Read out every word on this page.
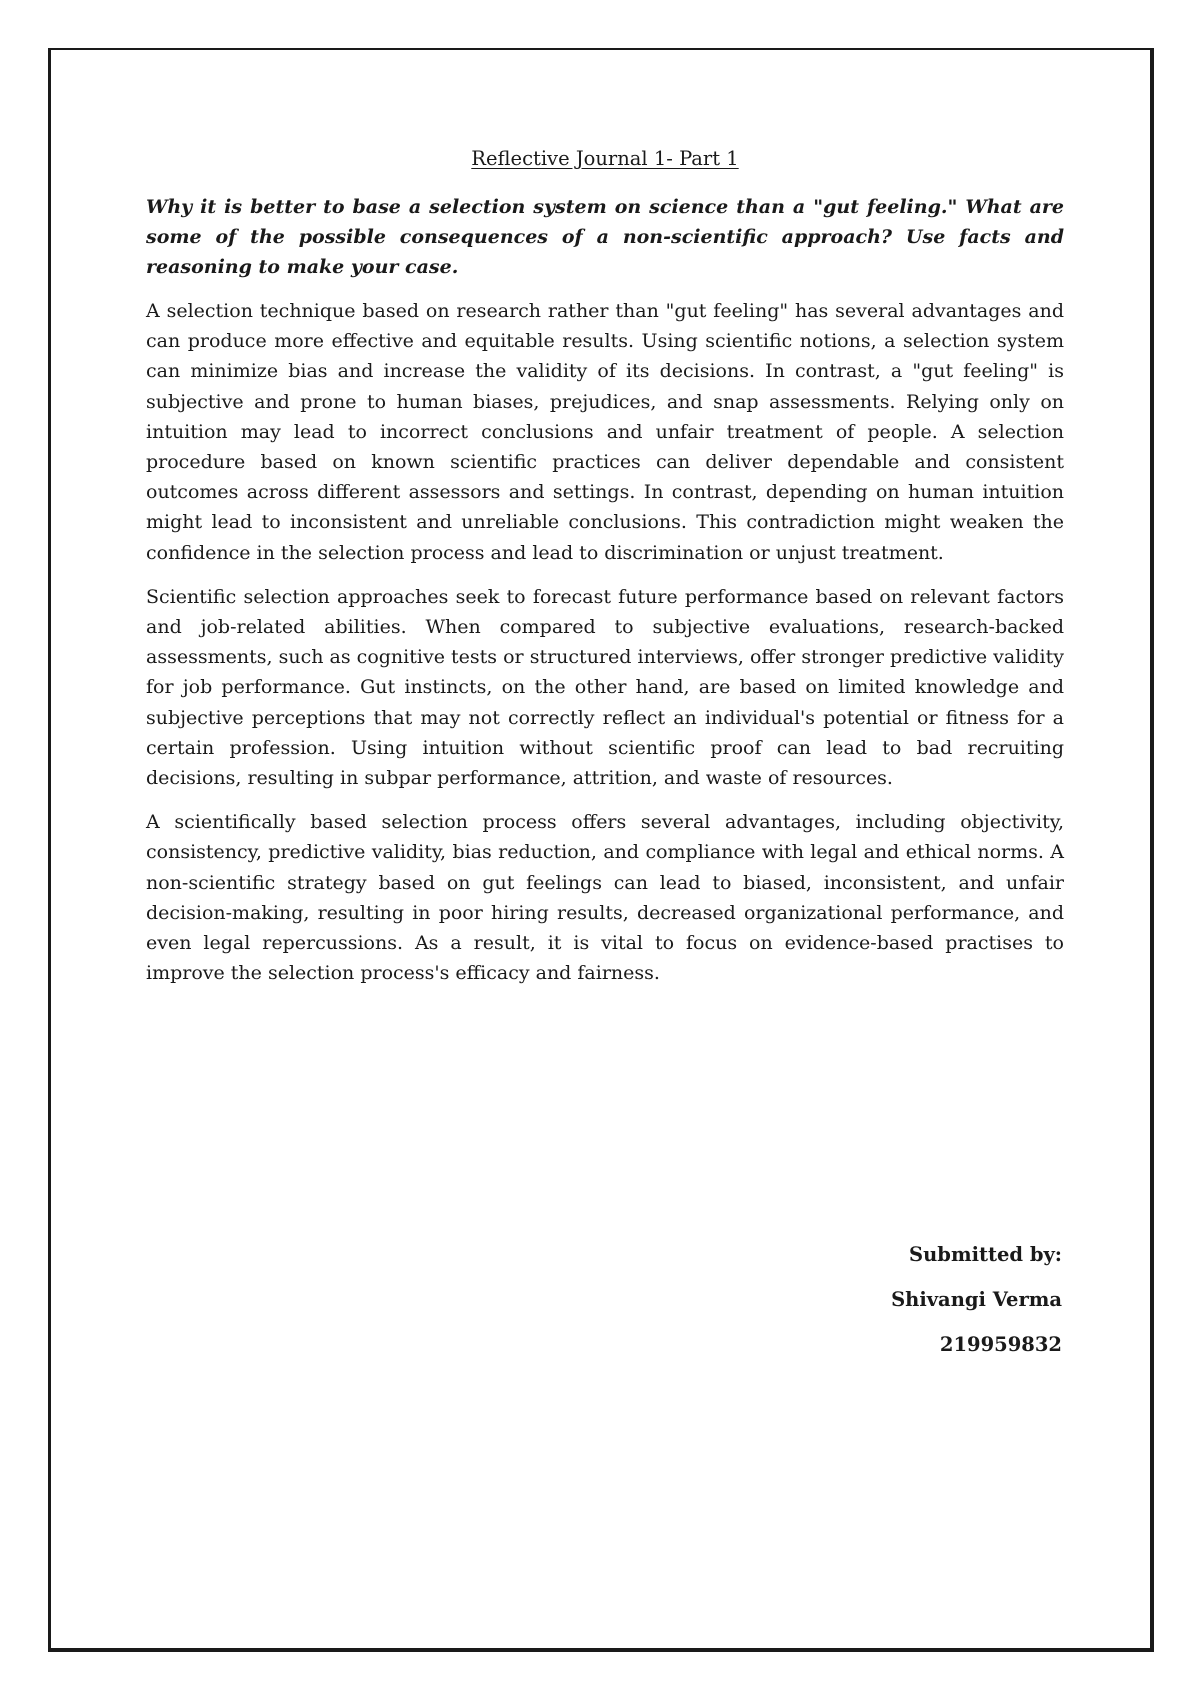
Reflective Journal 1- Part 1

Why it is better to base a selection system on science than a "gut feeling." What are some of the possible consequences of a non-scientific approach? Use facts and reasoning to make your case.

A selection technique based on research rather than "gut feeling" has several advantages and can produce more effective and equitable results. Using scientific notions, a selection system can minimize bias and increase the validity of its decisions. In contrast, a "gut feeling" is subjective and prone to human biases, prejudices, and snap assessments. Relying only on intuition may lead to incorrect conclusions and unfair treatment of people. A selection procedure based on known scientific practices can deliver dependable and consistent outcomes across different assessors and settings. In contrast, depending on human intuition might lead to inconsistent and unreliable conclusions. This contradiction might weaken the confidence in the selection process and lead to discrimination or unjust treatment.

Scientific selection approaches seek to forecast future performance based on relevant factors and job-related abilities. When compared to subjective evaluations, research-backed assessments, such as cognitive tests or structured interviews, offer stronger predictive validity for job performance. Gut instincts, on the other hand, are based on limited knowledge and subjective perceptions that may not correctly reflect an individual's potential or fitness for a certain profession. Using intuition without scientific proof can lead to bad recruiting decisions, resulting in subpar performance, attrition, and waste of resources.

A scientifically based selection process offers several advantages, including objectivity, consistency, predictive validity, bias reduction, and compliance with legal and ethical norms. A non-scientific strategy based on gut feelings can lead to biased, inconsistent, and unfair decision-making, resulting in poor hiring results, decreased organizational performance, and even legal repercussions. As a result, it is vital to focus on evidence-based practises to improve the selection process's efficacy and fairness.

Submitted by:
Shivangi Verma
219959832
